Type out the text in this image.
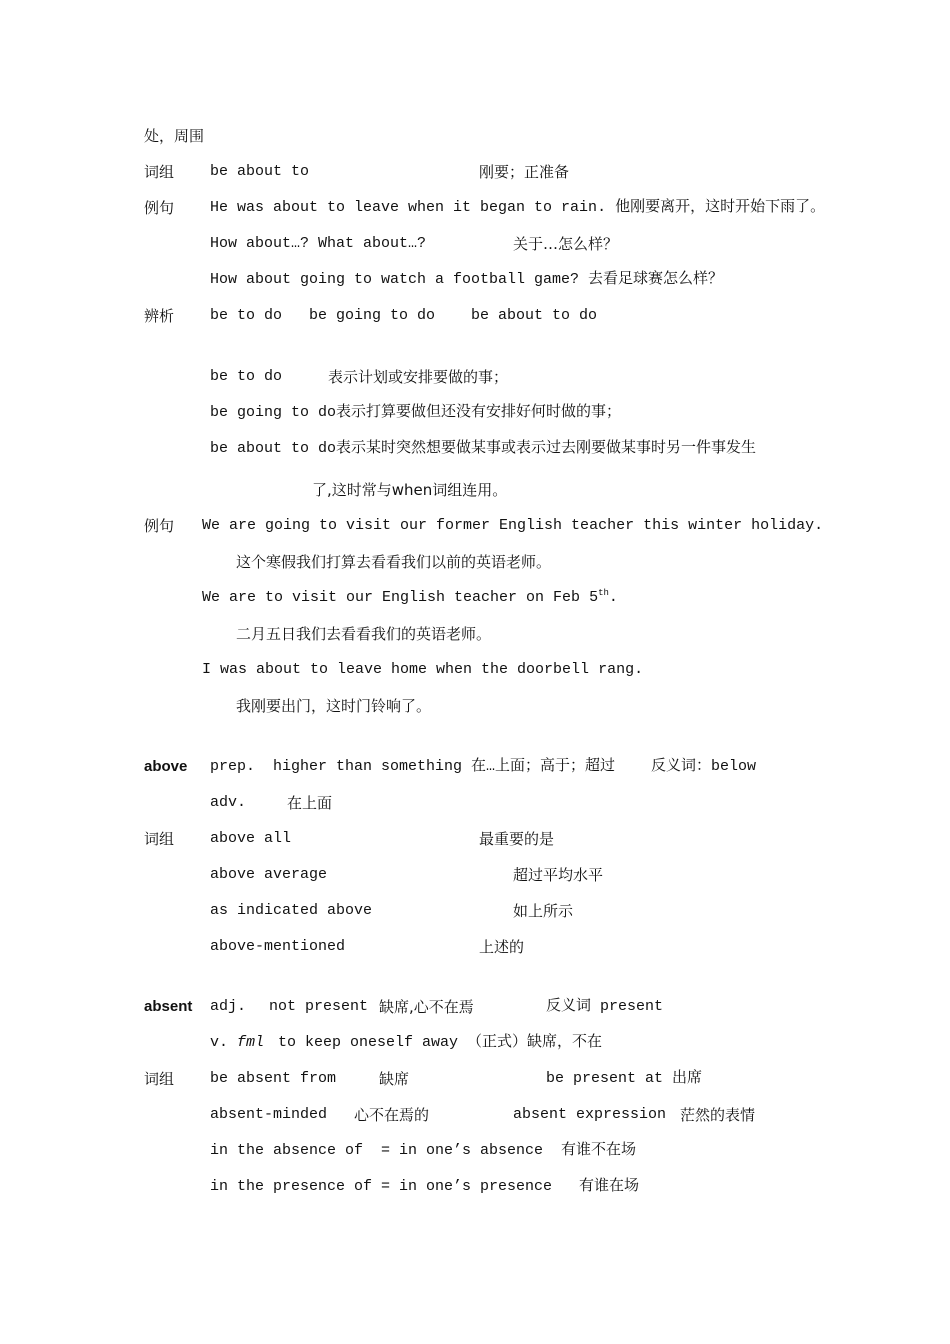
处，周围
词组 be about to	刚要；正准备
例句 He was about to leave when it began to rain. 他刚要离开，这时开始下雨了。
How about…? What about…?	关于…怎么样？
How about going to watch a football game? 去看足球赛怎么样？
辨析 be to do   be going to do    be about to do
be to do	表示计划或安排要做的事；
be going to do表示打算要做但还没有安排好何时做的事；
be about to do表示某时突然想要做某事或表示过去刚要做某事时另一件事发生
了,这时常与when词组连用。
例句 We are going to visit our former English teacher this winter holiday.
这个寒假我们打算去看看我们以前的英语老师。
We are to visit our English teacher on Feb 5th.
二月五日我们去看看我们的英语老师。
I was about to leave home when the doorbell rang.
我刚要出门，这时门铃响了。
above prep.  higher than something 在…上面；高于；超过    反义词：below
adv.	在上面
词组 above all	最重要的是
above average	超过平均水平
as indicated above	如上所示
above-mentioned	上述的
absent adj. not present 缺席,心不在焉	反义词 present
v. fml to keep oneself away （正式）缺席，不在
词组 be absent from	缺席	be present at 出席
absent-minded 心不在焉的	absent expression 茫然的表情
in the absence of  = in one’s absence  有谁不在场
in the presence of = in one’s presence   有谁在场
